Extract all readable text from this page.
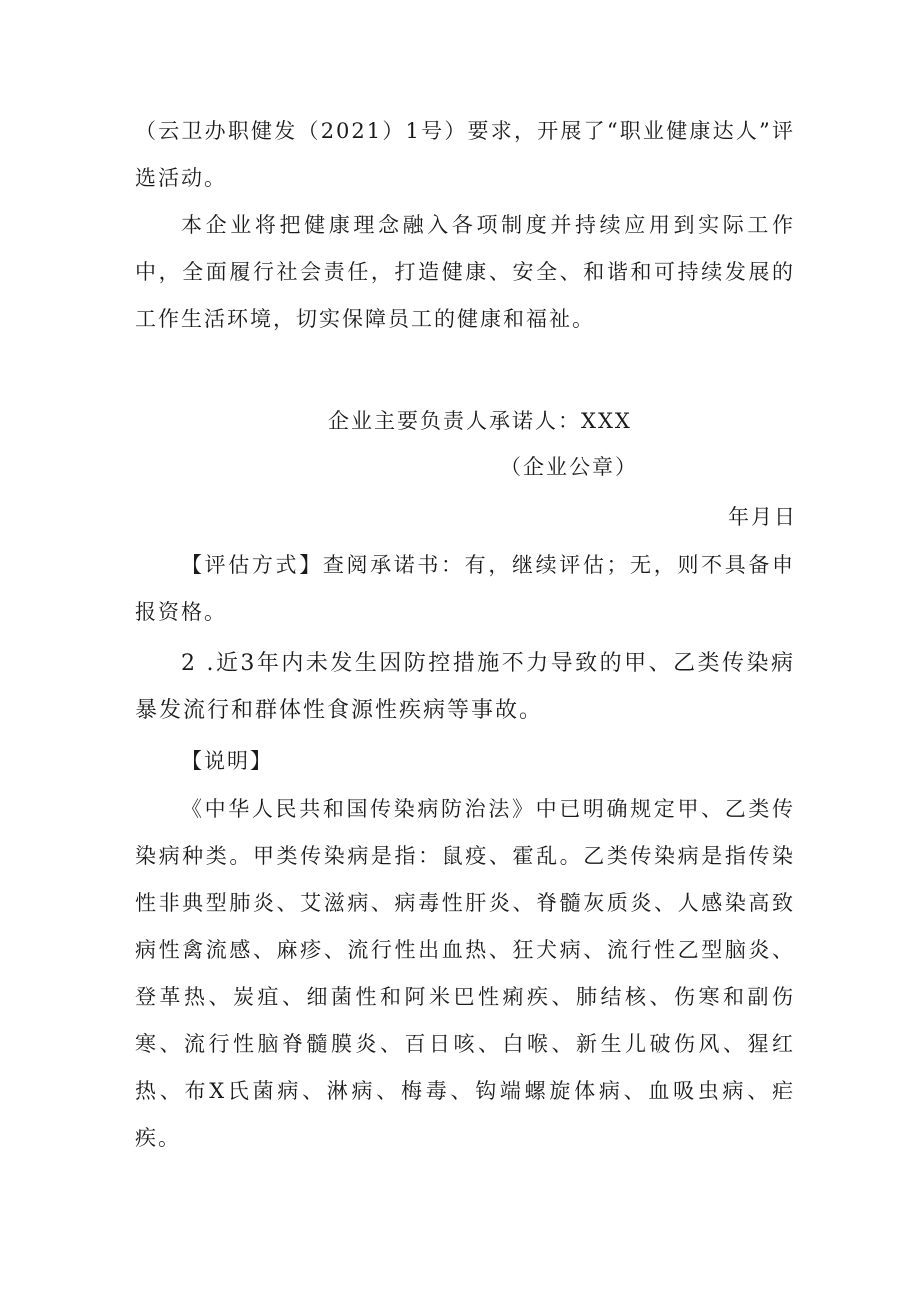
（云卫办职健发（2021）1号）要求，开展了“职业健康达人”评选活动。

本企业将把健康理念融入各项制度并持续应用到实际工作中，全面履行社会责任，打造健康、安全、和谐和可持续发展的工作生活环境，切实保障员工的健康和福祉。

企业主要负责人承诺人：XXX

（企业公章）

年月日

【评估方式】查阅承诺书：有，继续评估；无，则不具备申报资格。

2 .近3年内未发生因防控措施不力导致的甲、乙类传染病暴发流行和群体性食源性疾病等事故。

【说明】

《中华人民共和国传染病防治法》中已明确规定甲、乙类传染病种类。甲类传染病是指：鼠疫、霍乱。乙类传染病是指传染性非典型肺炎、艾滋病、病毒性肝炎、脊髓灰质炎、人感染高致病性禽流感、麻疹、流行性出血热、狂犬病、流行性乙型脑炎、登革热、炭疽、细菌性和阿米巴性痢疾、肺结核、伤寒和副伤寒、流行性脑脊髓膜炎、百日咳、白喉、新生儿破伤风、猩红热、布X氏菌病、淋病、梅毒、钩端螺旋体病、血吸虫病、疟疾。
